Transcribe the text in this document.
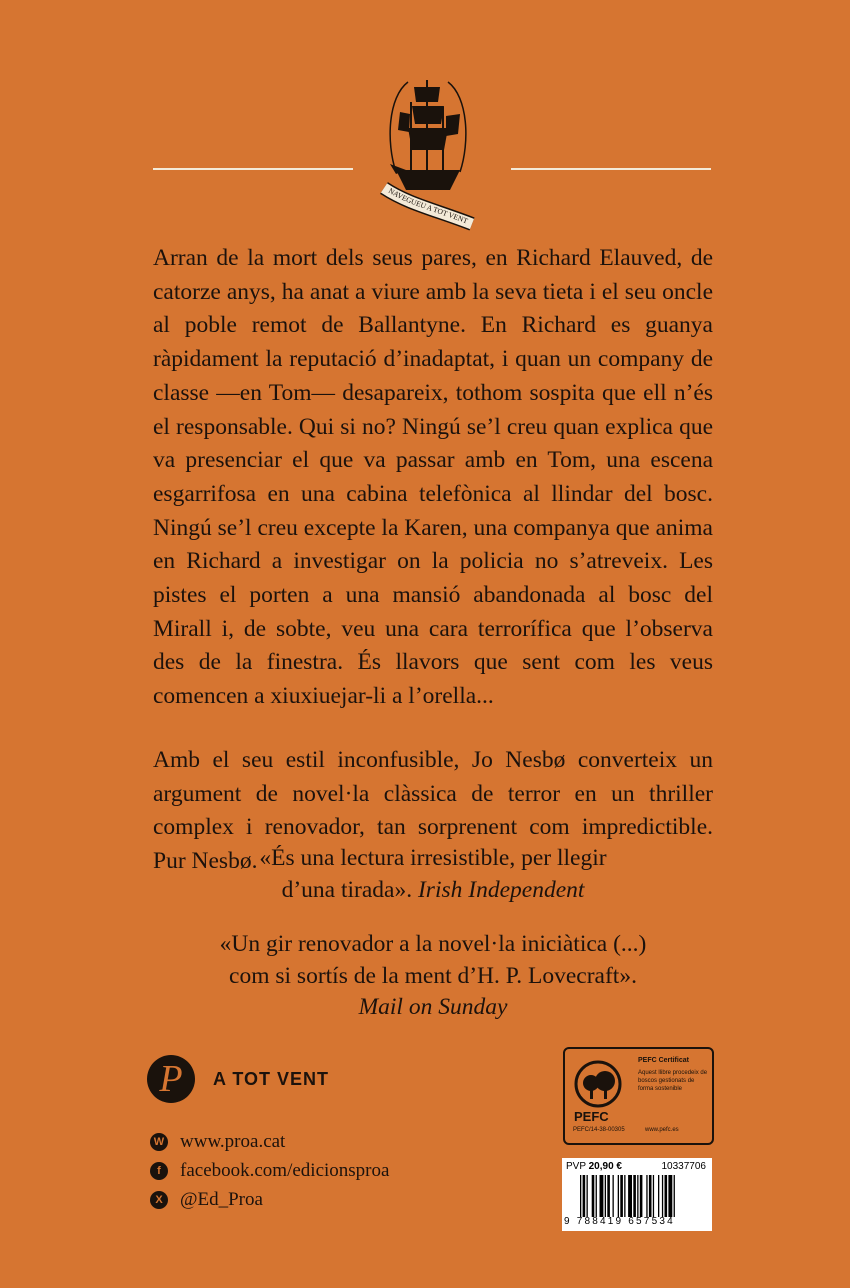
NAVEGUEU A TOT VENT

Arran de la mort dels seus pares, en Richard Elauved, de catorze anys, ha anat a viure amb la seva tieta i el seu oncle al poble remot de Ballantyne. En Richard es guanya ràpidament la reputació d’inadaptat, i quan un company de classe —en Tom— desapareix, tothom sospita que ell n’és el responsable. Qui si no? Ningú se’l creu quan explica que va presenciar el que va passar amb en Tom, una escena esgarrifosa en una cabina telefònica al llindar del bosc. Ningú se’l creu excepte la Karen, una companya que anima en Richard a investigar on la policia no s’atreveix. Les pistes el porten a una mansió abandonada al bosc del Mirall i, de sobte, veu una cara terrorífica que l’observa des de la finestra. És llavors que sent com les veus comencen a xiuxiuejar-li a l’orella...

Amb el seu estil inconfusible, Jo Nesbø converteix un argument de novel·la clàssica de terror en un thriller complex i renovador, tan sorprenent com impredictible. Pur Nesbø. «És una lectura irresistible, per llegir
d’una tirada». Irish Independent

«Un gir renovador a la novel·la iniciàtica (...)
com si sortís de la ment d’H. P. Lovecraft».
Mail on Sunday

P	A TOT VENT
W www.proa.cat
f	facebook.com/edicionsproa
X @Ed_Proa
PEFC
PEFC/14-38-00305
PEFC Certificat
Aquest llibre procedeix de boscos gestionats de forma sostenible
www.pefc.es
PVP 20,90 €	10337706
9 788419 657534
